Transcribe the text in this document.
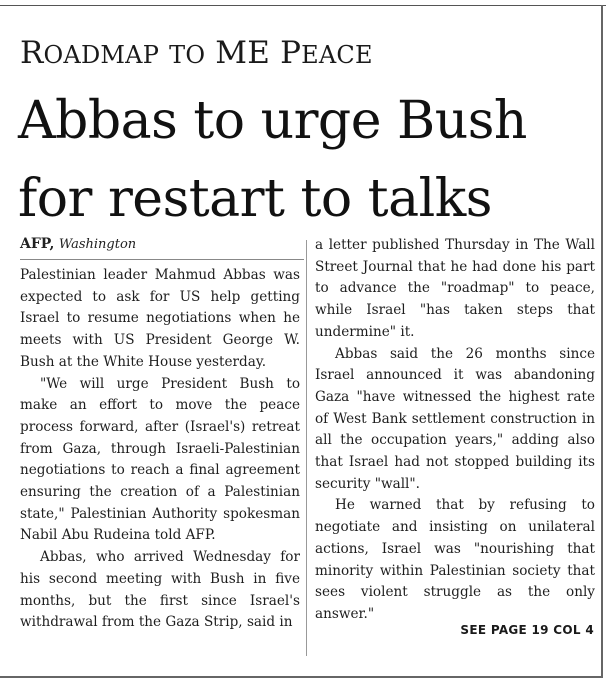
ROADMAP TO ME PEACE
Abbas to urge Bush for restart to talks
AFP, Washington

Palestinian leader Mahmud Abbas was expected to ask for US help getting Israel to resume negotiations when he meets with US President George W. Bush at the White House yesterday.

"We will urge President Bush to make an effort to move the peace process forward, after (Israel's) retreat from Gaza, through Israeli-Palestinian negotiations to reach a final agreement ensuring the creation of a Palestinian state," Palestinian Authority spokesman Nabil Abu Rudeina told AFP.

Abbas, who arrived Wednesday for his second meeting with Bush in five months, but the first since Israel's withdrawal from the Gaza Strip, said in

a letter published Thursday in The Wall Street Journal that he had done his part to advance the "roadmap" to peace, while Israel "has taken steps that undermine" it.

Abbas said the 26 months since Israel announced it was abandoning Gaza "have witnessed the highest rate of West Bank settlement construction in all the occupation years," adding also that Israel had not stopped building its security "wall".

He warned that by refusing to negotiate and insisting on unilateral actions, Israel was "nourishing that minority within Palestinian society that sees violent struggle as the only answer."

SEE PAGE 19 COL 4
